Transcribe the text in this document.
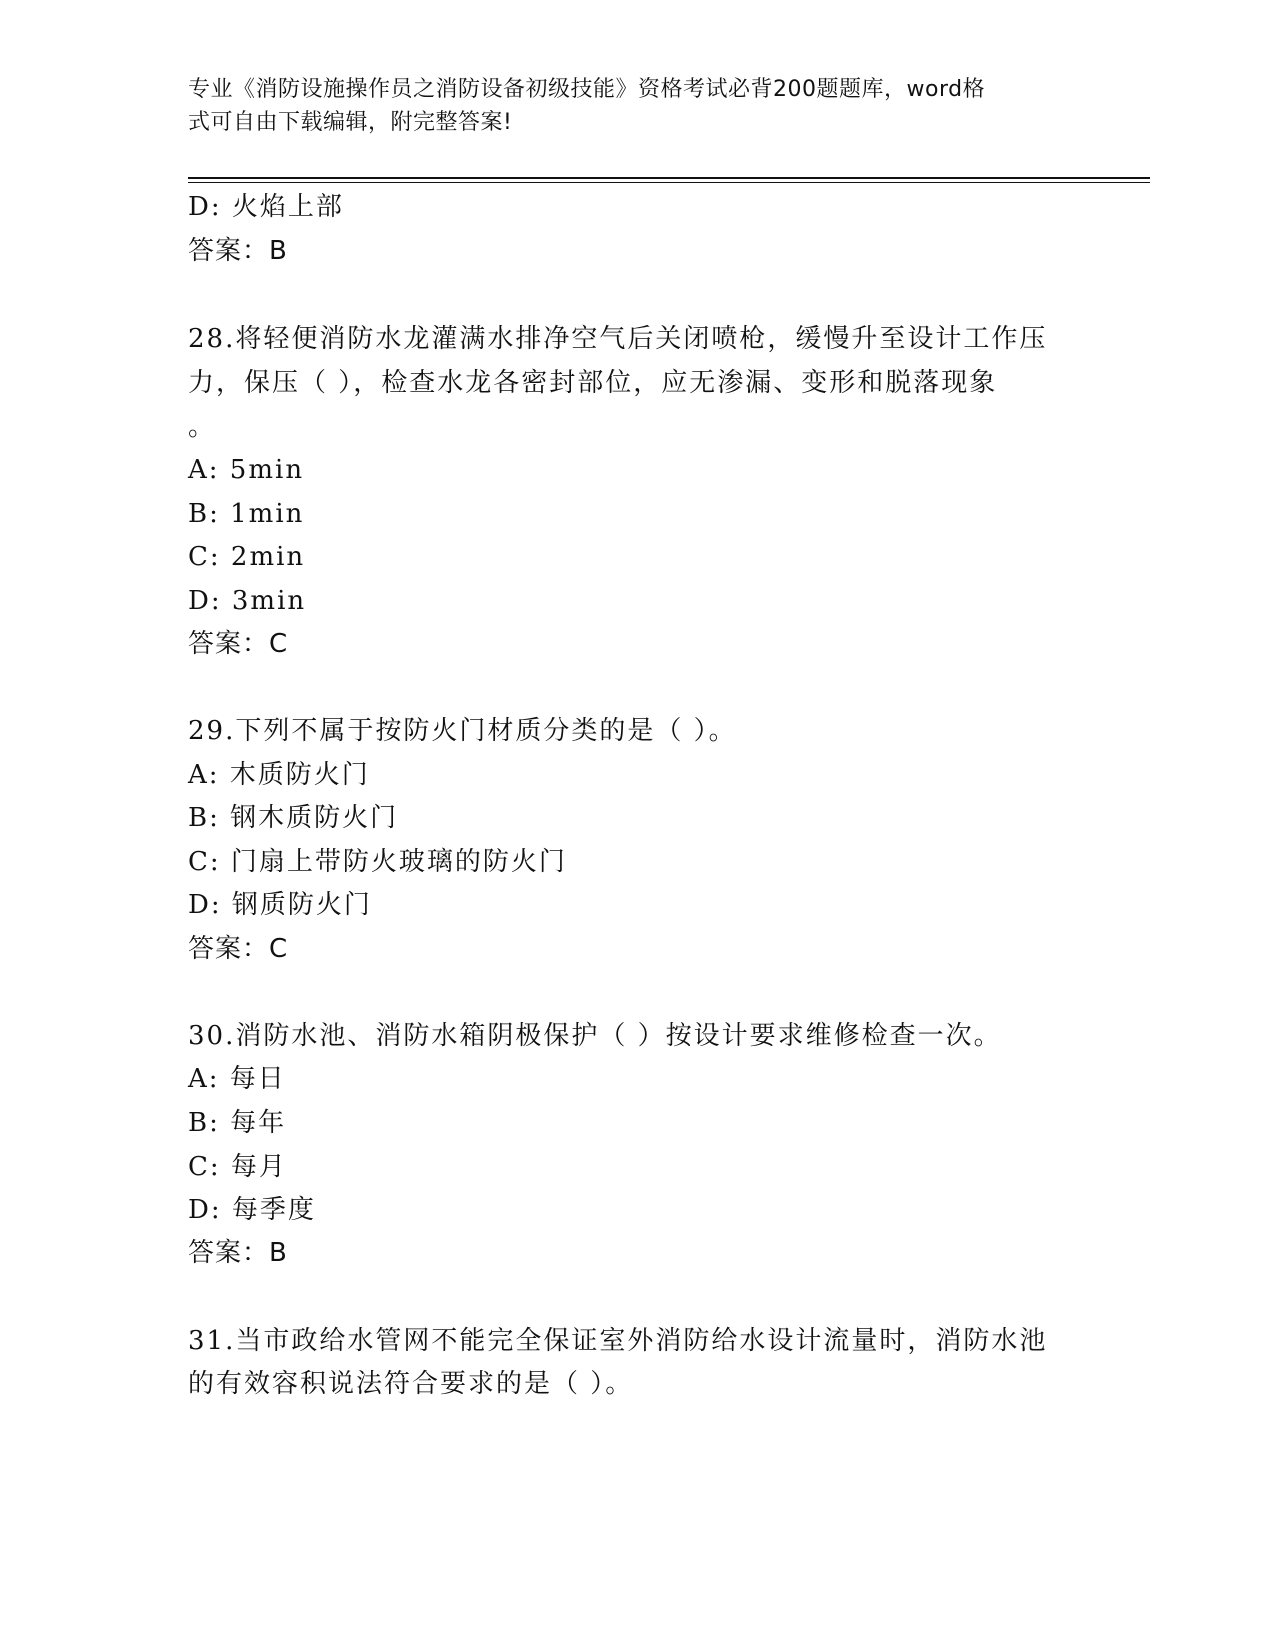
专业《消防设施操作员之消防设备初级技能》资格考试必背200题题库，word格
式可自由下载编辑，附完整答案!
D: 火焰上部
答案：B
28.将轻便消防水龙灌满水排净空气后关闭喷枪，缓慢升至设计工作压
力，保压（ ），检查水龙各密封部位，应无渗漏、变形和脱落现象
。
A: 5min
B: 1min
C: 2min
D: 3min
答案：C
29.下列不属于按防火门材质分类的是（ ）。
A: 木质防火门
B: 钢木质防火门
C: 门扇上带防火玻璃的防火门
D: 钢质防火门
答案：C
30.消防水池、消防水箱阴极保护（ ）按设计要求维修检查一次。
A: 每日
B: 每年
C: 每月
D: 每季度
答案：B
31.当市政给水管网不能完全保证室外消防给水设计流量时，消防水池
的有效容积说法符合要求的是（ ）。
